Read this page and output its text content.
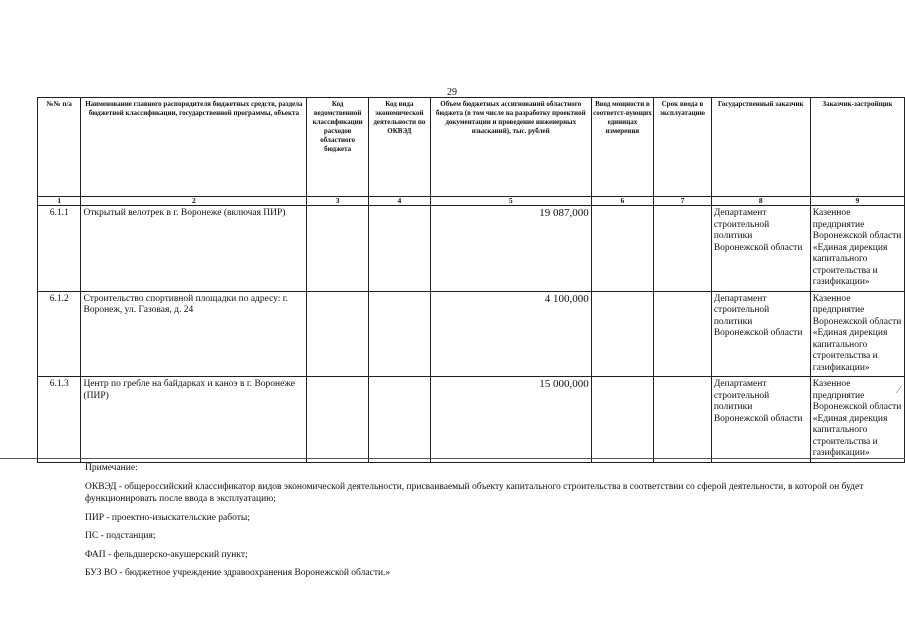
29
№№ п/а	Наименование главного распорядителя бюджетных средств, раздела бюджетной классификации, государственной программы, объекта	Код ведомственной классификации расходов областного бюджета	Код вида экономической деятельности по ОКВЭД	Объем бюджетных ассигнований областного бюджета (в том числе на разработку проектной документации и проведение инженерных изысканий), тыс. рублей	Ввод мощности в соответст-вующих единицах измерения	Срок ввода в эксплуатацию	Государственный заказчик	Заказчик-застройщик
1	2	3	4	5	6	7	8	9
6.1.1	Открытый велотрек в г. Воронеже (включая ПИР)			19 087,000			Департамент строительной политики Воронежской области	Казенное предприятие Воронежской области «Единая дирекция капитального строительства и газификации»
6.1.2	Строительство спортивной площадки по адресу: г. Воронеж, ул. Газовая, д. 24			4 100,000			Департамент строительной политики Воронежской области	Казенное предприятие Воронежской области «Единая дирекция капитального строительства и газификации»
6.1.3	Центр по гребле на байдарках и каноэ в г. Воронеже (ПИР)			15 000,000			Департамент строительной политики Воронежской области	Казенное предприятие Воронежской области «Единая дирекция капитального строительства и газификации»

Примечание:

ОКВЭД - общероссийский классификатор видов экономической деятельности, присваиваемый объекту капитального строительства в соответствии со сферой деятельности, в которой он будет функционировать после ввода в эксплуатацию;

ПИР - проектно-изыскательские работы;

ПС - подстанция;

ФАП - фельдшерско-акушерский пункт;

БУЗ ВО - бюджетное учреждение здравоохранения Воронежской области.»

⁄
